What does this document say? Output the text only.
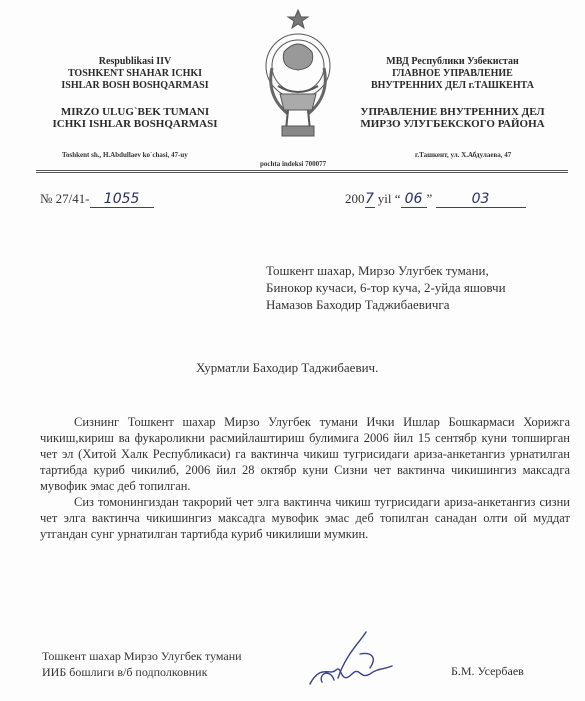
Respublikasi IIV
TOSHKENT SHAHAR ICHKI
ISHLAR BOSH BOSHQARMASI
MIRZO ULUG`BEK TUMANI
ICHKI ISHLAR BOSHQARMASI
МВД Республики Узбекистан
ГЛАВНОЕ УПРАВЛЕНИЕ
ВНУТРЕННИХ ДЕЛ г.ТАШКЕНТА
УПРАВЛЕНИЕ ВНУТРЕННИХ ДЕЛ
МИРЗО УЛУГБЕКСКОГО РАЙОНА
Toshkent sh., H.Abdullaev ko`chasi, 47-uy
pochta indeksi 700077
г.Ташкент, ул. Х.Абдулаева, 47
№ 27/41- 1055	2007 yil “ 06 ”	03
Тошкент шахар, Мирзо Улугбек тумани,
Бинокор кучаси, 6-тор куча, 2-уйда яшовчи
Намазов Баходир Таджибаевичга
Хурматли Баходир Таджибаевич.

Сизнинг Тошкент шахар Мирзо Улугбек тумани Ички Ишлар Бошкармаси Хорижга чикиш,кириш ва фукароликни расмийлаштириш булимига 2006 йил 15 сентябр куни топширган чет эл (Хитой Халк Республикаси) га вактинча чикиш тугрисидаги ариза-анкетангиз урнатилган тартибда куриб чикилиб, 2006 йил 28 октябр куни Сизни чет вактинча чикишингиз максадга мувофик эмас деб топилган.

Сиз томонингиздан такрорий чет элга вактинча чикиш тугрисидаги ариза-анкетангиз сизни чет элга вактинча чикишингиз максадга мувофик эмас деб топилган санадан олти ой муддат утгандан сунг урнатилган тартибда куриб чикилиши мумкин.

Тошкент шахар Мирзо Улугбек тумани
ИИБ бошлиги в/б подполковник	Б.М. Усербаев
